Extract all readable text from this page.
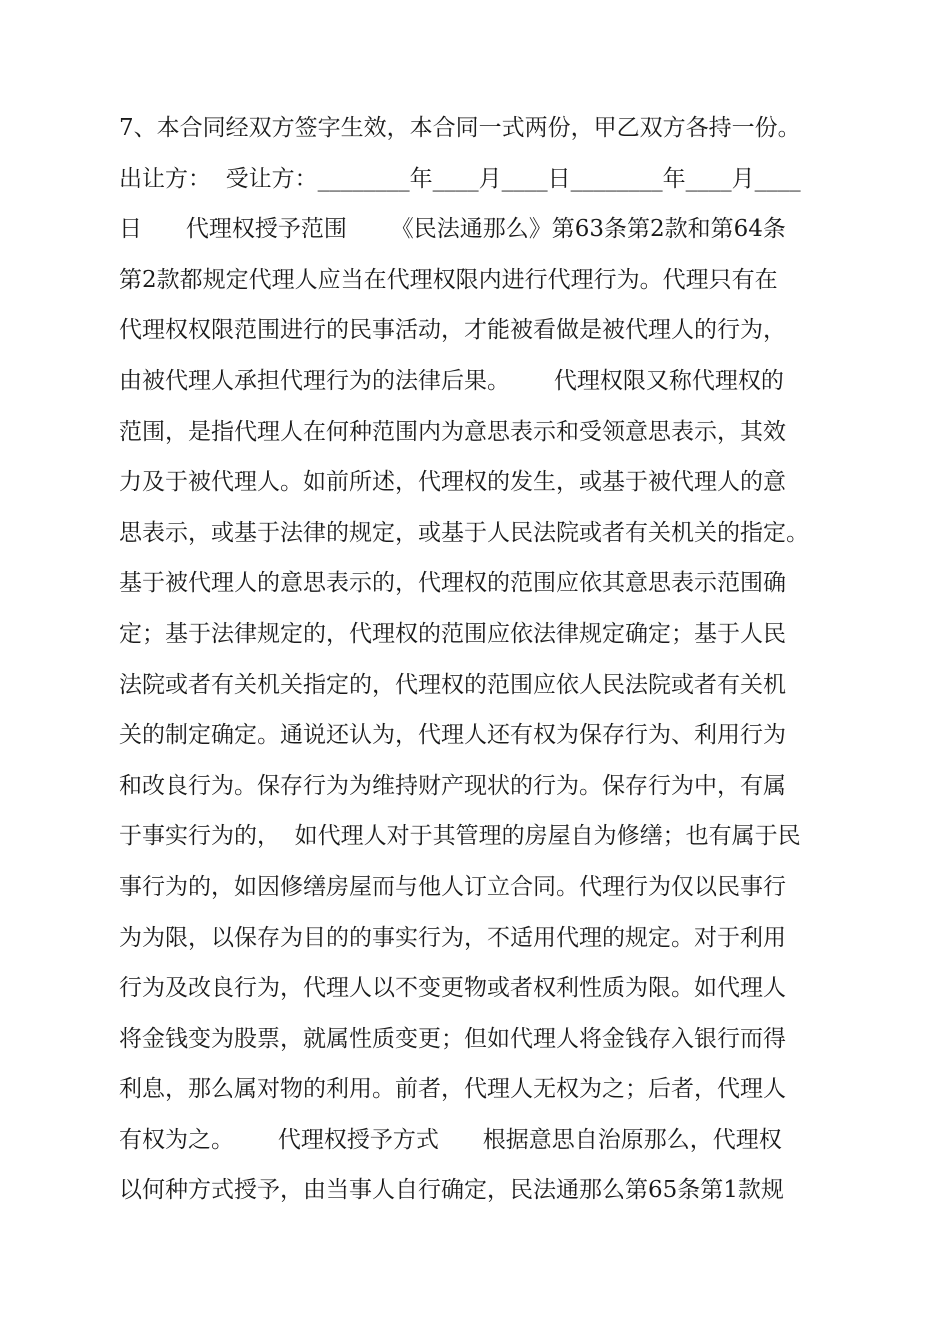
7、本合同经双方签字生效，本合同一式两份，甲乙双方各持一份。
出让方：  受让方：________年____月____日________年____月____
日      代理权授予范围      《民法通那么》第63条第2款和第64条
第2款都规定代理人应当在代理权限内进行代理行为。代理只有在
代理权权限范围进行的民事活动，才能被看做是被代理人的行为，
由被代理人承担代理行为的法律后果。      代理权限又称代理权的
范围，是指代理人在何种范围内为意思表示和受领意思表示，其效
力及于被代理人。如前所述，代理权的发生，或基于被代理人的意
思表示，或基于法律的规定，或基于人民法院或者有关机关的指定。
基于被代理人的意思表示的，代理权的范围应依其意思表示范围确
定；基于法律规定的，代理权的范围应依法律规定确定；基于人民
法院或者有关机关指定的，代理权的范围应依人民法院或者有关机
关的制定确定。通说还认为，代理人还有权为保存行为、利用行为
和改良行为。保存行为为维持财产现状的行为。保存行为中，有属
于事实行为的，  如代理人对于其管理的房屋自为修缮；也有属于民
事行为的，如因修缮房屋而与他人订立合同。代理行为仅以民事行
为为限，以保存为目的的事实行为，不适用代理的规定。对于利用
行为及改良行为，代理人以不变更物或者权利性质为限。如代理人
将金钱变为股票，就属性质变更；但如代理人将金钱存入银行而得
利息，那么属对物的利用。前者，代理人无权为之；后者，代理人
有权为之。      代理权授予方式      根据意思自治原那么，代理权
以何种方式授予，由当事人自行确定，民法通那么第65条第1款规
